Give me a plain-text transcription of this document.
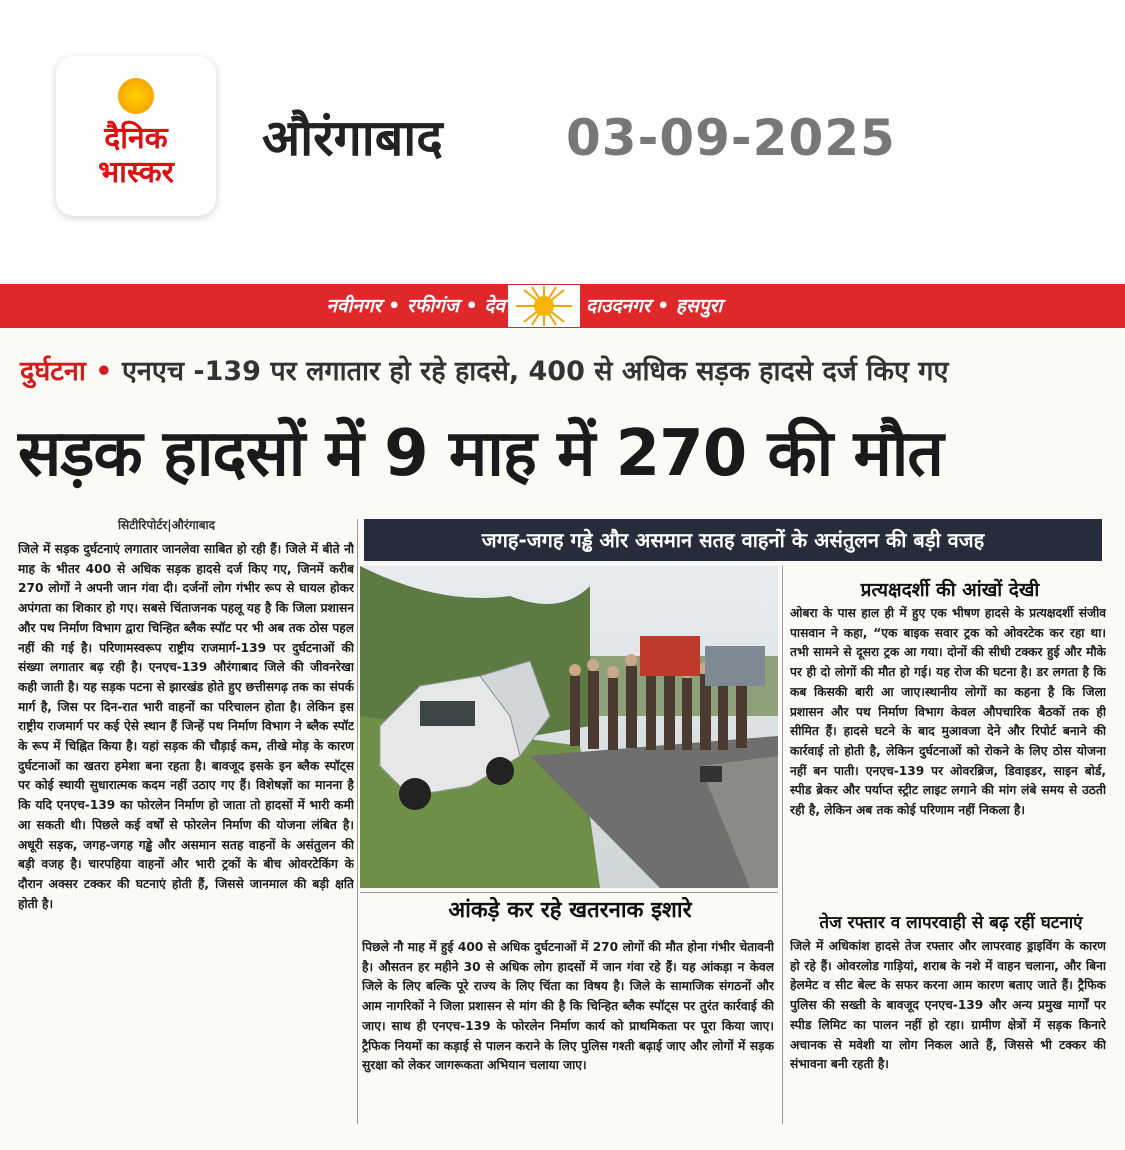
दैनिक
भास्कर
औरंगाबाद 03-09-2025
नवीनगर • रफीगंज • देव	दाउदनगर • हसपुरा
दुर्घटना • एनएच -139 पर लगातार हो रहे हादसे, 400 से अधिक सड़क हादसे दर्ज किए गए
सड़क हादसों में 9 माह में 270 की मौत
सिटीरिपोर्टर|औरंगाबाद
जिले में सड़क दुर्घटनाएं लगातार जानलेवा साबित हो रही हैं। जिले में बीते नौ माह के भीतर 400 से अधिक सड़क हादसे दर्ज किए गए, जिनमें करीब 270 लोगों ने अपनी जान गंवा दी। दर्जनों लोग गंभीर रूप से घायल होकर अपंगता का शिकार हो गए। सबसे चिंताजनक पहलू यह है कि जिला प्रशासन और पथ निर्माण विभाग द्वारा चिन्हित ब्लैक स्पॉट पर भी अब तक ठोस पहल नहीं की गई है। परिणामस्वरूप राष्ट्रीय राजमार्ग-139 पर दुर्घटनाओं की संख्या लगातार बढ़ रही है। एनएच-139 औरंगाबाद जिले की जीवनरेखा कही जाती है। यह सड़क पटना से झारखंड होते हुए छत्तीसगढ़ तक का संपर्क मार्ग है, जिस पर दिन-रात भारी वाहनों का परिचालन होता है। लेकिन इस राष्ट्रीय राजमार्ग पर कई ऐसे स्थान हैं जिन्हें पथ निर्माण विभाग ने ब्लैक स्पॉट के रूप में चिह्नित किया है। यहां सड़क की चौड़ाई कम, तीखे मोड़ के कारण दुर्घटनाओं का खतरा हमेशा बना रहता है। बावजूद इसके इन ब्लैक स्पॉट्स पर कोई स्थायी सुधारात्मक कदम नहीं उठाए गए हैं। विशेषज्ञों का मानना है कि यदि एनएच-139 का फोरलेन निर्माण हो जाता तो हादसों में भारी कमी आ सकती थी। पिछले कई वर्षों से फोरलेन निर्माण की योजना लंबित है। अधूरी सड़क, जगह-जगह गड्ढे और असमान सतह वाहनों के असंतुलन की बड़ी वजह है। चारपहिया वाहनों और भारी ट्रकों के बीच ओवरटेकिंग के दौरान अक्सर टक्कर की घटनाएं होती हैं, जिससे जानमाल की बड़ी क्षति होती है।
जगह-जगह गड्ढे और असमान सतह वाहनों के असंतुलन की बड़ी वजह
प्रत्यक्षदर्शी की आंखों देखी
ओबरा के पास हाल ही में हुए एक भीषण हादसे के प्रत्यक्षदर्शी संजीव पासवान ने कहा, “एक बाइक सवार ट्रक को ओवरटेक कर रहा था। तभी सामने से दूसरा ट्रक आ गया। दोनों की सीधी टक्कर हुई और मौके पर ही दो लोगों की मौत हो गई। यह रोज की घटना है। डर लगता है कि कब किसकी बारी आ जाए।स्थानीय लोगों का कहना है कि जिला प्रशासन और पथ निर्माण विभाग केवल औपचारिक बैठकों तक ही सीमित हैं। हादसे घटने के बाद मुआवजा देने और रिपोर्ट बनाने की कार्रवाई तो होती है, लेकिन दुर्घटनाओं को रोकने के लिए ठोस योजना नहीं बन पाती। एनएच-139 पर ओवरब्रिज, डिवाइडर, साइन बोर्ड, स्पीड ब्रेकर और पर्याप्त स्ट्रीट लाइट लगाने की मांग लंबे समय से उठती रही है, लेकिन अब तक कोई परिणाम नहीं निकला है।
तेज रफ्तार व लापरवाही से बढ़ रहीं घटनाएं
जिले में अधिकांश हादसे तेज रफ्तार और लापरवाह ड्राइविंग के कारण हो रहे हैं। ओवरलोड गाड़ियां, शराब के नशे में वाहन चलाना, और बिना हेलमेट व सीट बेल्ट के सफर करना आम कारण बताए जाते हैं। ट्रैफिक पुलिस की सख्ती के बावजूद एनएच-139 और अन्य प्रमुख मार्गों पर स्पीड लिमिट का पालन नहीं हो रहा। ग्रामीण क्षेत्रों में सड़क किनारे अचानक से मवेशी या लोग निकल आते हैं, जिससे भी टक्कर की संभावना बनी रहती है।
आंकड़े कर रहे खतरनाक इशारे
पिछले नौ माह में हुई 400 से अधिक दुर्घटनाओं में 270 लोगों की मौत होना गंभीर चेतावनी है। औसतन हर महीने 30 से अधिक लोग हादसों में जान गंवा रहे हैं। यह आंकड़ा न केवल जिले के लिए बल्कि पूरे राज्य के लिए चिंता का विषय है। जिले के सामाजिक संगठनों और आम नागरिकों ने जिला प्रशासन से मांग की है कि चिन्हित ब्लैक स्पॉट्स पर तुरंत कार्रवाई की जाए। साथ ही एनएच-139 के फोरलेन निर्माण कार्य को प्राथमिकता पर पूरा किया जाए। ट्रैफिक नियमों का कड़ाई से पालन कराने के लिए पुलिस गश्ती बढ़ाई जाए और लोगों में सड़क सुरक्षा को लेकर जागरूकता अभियान चलाया जाए।
